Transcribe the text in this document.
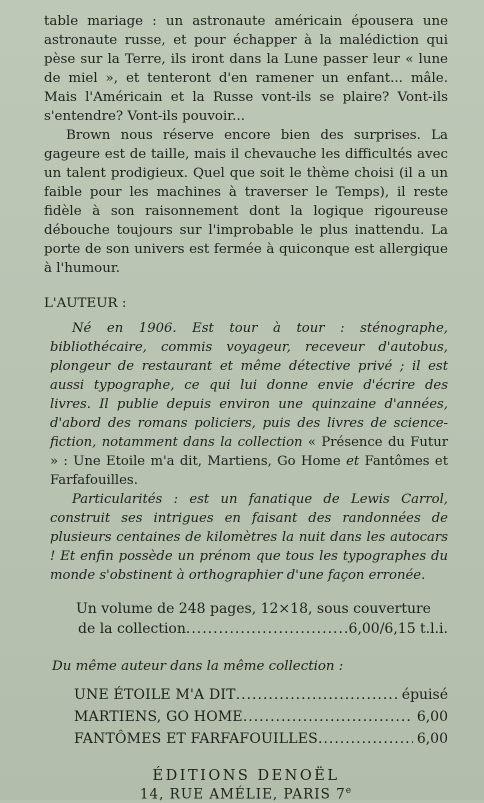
table mariage : un astronaute américain épousera une astronaute russe, et pour échapper à la malédiction qui pèse sur la Terre, ils iront dans la Lune passer leur « lune de miel », et tenteront d'en ramener un enfant... mâle. Mais l'Américain et la Russe vont-ils se plaire? Vont-ils s'entendre? Vont-ils pouvoir...

Brown nous réserve encore bien des surprises. La gageure est de taille, mais il chevauche les difficultés avec un talent prodigieux. Quel que soit le thème choisi (il a un faible pour les machines à traverser le Temps), il reste fidèle à son raisonnement dont la logique rigoureuse débouche toujours sur l'improbable le plus inattendu. La porte de son univers est fermée à quiconque est allergique à l'humour.

L'AUTEUR :

Né en 1906. Est tour à tour : sténographe, bibliothécaire, commis voyageur, receveur d'autobus, plongeur de restaurant et même détective privé ; il est aussi typographe, ce qui lui donne envie d'écrire des livres. Il publie depuis environ une quinzaine d'années, d'abord des romans policiers, puis des livres de science-fiction, notamment dans la collection « Présence du Futur » : Une Etoile m'a dit, Martiens, Go Home et Fantômes et Farfafouilles.

Particularités : est un fanatique de Lewis Carrol, construit ses intrigues en faisant des randonnées de plusieurs centaines de kilomètres la nuit dans les autocars ! Et enfin possède un prénom que tous les typographes du monde s'obstinent à orthographier d'une façon erronée.

Un volume de 248 pages, 12×18, sous couverture
de la collection .....	6,00/6,15 t.l.i.
Du même auteur dans la même collection :
UNE ÉTOILE M'A DIT .....	épuisé
MARTIENS, GO HOME .....	6,00
FANTÔMES ET FARFAFOUILLES .....	6,00
ÉDITIONS DENOËL
14, RUE AMÉLIE, PARIS 7e
